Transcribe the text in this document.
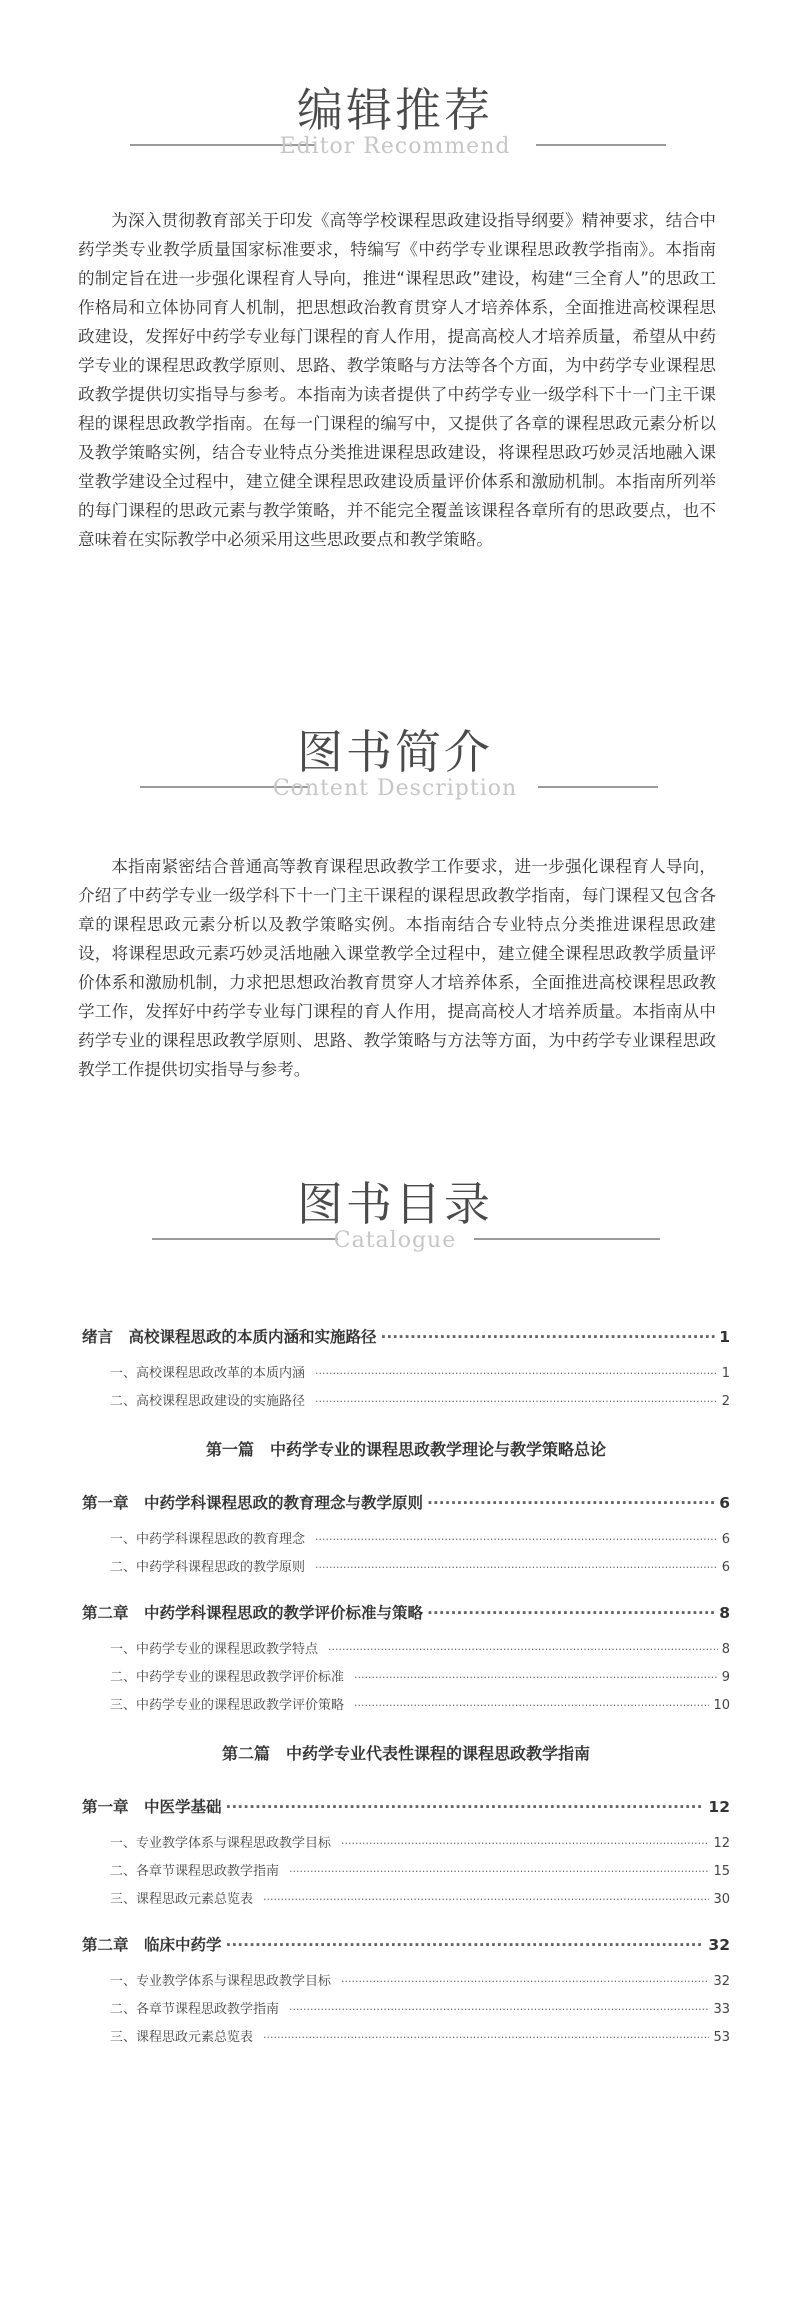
编辑推荐
Editor Recommend

为深入贯彻教育部关于印发《高等学校课程思政建设指导纲要》精神要求，结合中药学类专业教学质量国家标准要求，特编写《中药学专业课程思政教学指南》。本指南的制定旨在进一步强化课程育人导向，推进“课程思政”建设，构建“三全育人”的思政工作格局和立体协同育人机制，把思想政治教育贯穿人才培养体系，全面推进高校课程思政建设，发挥好中药学专业每门课程的育人作用，提高高校人才培养质量，希望从中药学专业的课程思政教学原则、思路、教学策略与方法等各个方面，为中药学专业课程思政教学提供切实指导与参考。本指南为读者提供了中药学专业一级学科下十一门主干课程的课程思政教学指南。在每一门课程的编写中，又提供了各章的课程思政元素分析以及教学策略实例，结合专业特点分类推进课程思政建设，将课程思政巧妙灵活地融入课堂教学建设全过程中，建立健全课程思政建设质量评价体系和激励机制。本指南所列举的每门课程的思政元素与教学策略，并不能完全覆盖该课程各章所有的思政要点，也不意味着在实际教学中必须采用这些思政要点和教学策略。

图书简介
Content Description

本指南紧密结合普通高等教育课程思政教学工作要求，进一步强化课程育人导向，介绍了中药学专业一级学科下十一门主干课程的课程思政教学指南，每门课程又包含各章的课程思政元素分析以及教学策略实例。本指南结合专业特点分类推进课程思政建设，将课程思政元素巧妙灵活地融入课堂教学全过程中，建立健全课程思政教学质量评价体系和激励机制，力求把思想政治教育贯穿人才培养体系，全面推进高校课程思政教学工作，发挥好中药学专业每门课程的育人作用，提高高校人才培养质量。本指南从中药学专业的课程思政教学原则、思路、教学策略与方法等方面，为中药学专业课程思政教学工作提供切实指导与参考。

图书目录
Catalogue
绪言　高校课程思政的本质内涵和实施路径 ·····	1
一、高校课程思政改革的本质内涵 ·····	1
二、高校课程思政建设的实施路径 ·····	2
第一篇　中药学专业的课程思政教学理论与教学策略总论
第一章　中药学科课程思政的教育理念与教学原则 ·····	6
一、中药学科课程思政的教育理念 ·····	6
二、中药学科课程思政的教学原则 ·····	6
第二章　中药学科课程思政的教学评价标准与策略 ·····	8
一、中药学专业的课程思政教学特点 ·····	8
二、中药学专业的课程思政教学评价标准 ·····	9
三、中药学专业的课程思政教学评价策略 ·····	10
第二篇　中药学专业代表性课程的课程思政教学指南
第一章　中医学基础 ·····	12
一、专业教学体系与课程思政教学目标 ·····	12
二、各章节课程思政教学指南 ·····	15
三、课程思政元素总览表 ·····	30
第二章　临床中药学 ·····	32
一、专业教学体系与课程思政教学目标 ·····	32
二、各章节课程思政教学指南 ·····	33
三、课程思政元素总览表 ·····	53
